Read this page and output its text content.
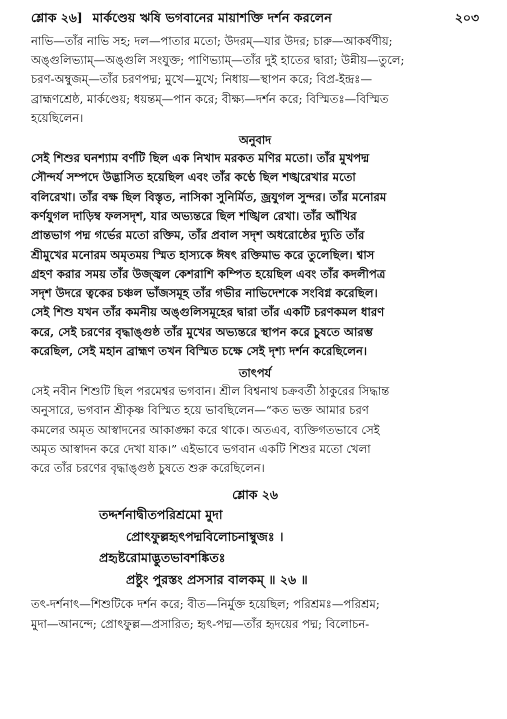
শ্লোক ২৬] মার্কণ্ডেয় ঋষি ভগবানের মায়াশক্তি দর্শন করলেন	২০৩

নাভি—তাঁর নাভি সহ; দল—পাতার মতো; উদরম্—যার উদর; চারু—আকর্ষণীয়;

অঙ্গুলিভ্যাম্—অঙ্গুলি সংযুক্ত; পাণিভ্যাম্—তাঁর দুই হাতের দ্বারা; উন্নীয়—তুলে;

চরণ-অম্বুজম্—তাঁর চরণপদ্ম; মুখে—মুখে; নিধায়—স্থাপন করে; বিপ্র-ইন্দ্রঃ—

ব্রাহ্মণশ্রেষ্ঠ, মার্কণ্ডেয়; ধয়ন্তম্—পান করে; বীক্ষ্য—দর্শন করে; বিস্মিতঃ—বিস্মিত

হয়েছিলেন।

অনুবাদ

সেই শিশুর ঘনশ্যাম বর্ণটি ছিল এক নিখাদ মরকত মণির মতো। তাঁর মুখপদ্ম

সৌন্দর্য সম্পদে উদ্ভাসিত হয়েছিল এবং তাঁর কণ্ঠে ছিল শঙ্খরেখার মতো

বলিরেখা। তাঁর বক্ষ ছিল বিস্তৃত, নাসিকা সুনির্মিত, জ্রযুগল সুন্দর। তাঁর মনোরম

কর্ণযুগল দাড়িম্ব ফলসদৃশ, যার অভ্যন্তরে ছিল শঙ্খিল রেখা। তাঁর আঁখির

প্রান্তভাগ পদ্ম গর্ভের মতো রক্তিম, তাঁর প্রবাল সদৃশ অধরোষ্ঠের দ্যুতি তাঁর

শ্রীমুখের মনোরম অমৃতময় স্মিত হাস্যকে ঈষৎ রক্তিমাভ করে তুলেছিল। শ্বাস

গ্রহণ করার সময় তাঁর উজ্জ্বল কেশরাশি কম্পিত হয়েছিল এবং তাঁর কদলীপত্র

সদৃশ উদরে ত্বকের চঞ্চল ভাঁজসমূহ তাঁর গভীর নাভিদেশকে সংবিগ্ন করেছিল।

সেই শিশু যখন তাঁর কমনীয় অঙ্গুলিসমূহের দ্বারা তাঁর একটি চরণকমল ধারণ

করে, সেই চরণের বৃদ্ধাঙ্গুষ্ঠ তাঁর মুখের অভ্যন্তরে স্থাপন করে চুষতে আরম্ভ

করেছিল, সেই মহান ব্রাহ্মণ তখন বিস্মিত চক্ষে সেই দৃশ্য দর্শন করেছিলেন।

তাৎপর্য

সেই নবীন শিশুটি ছিল পরমেশ্বর ভগবান। শ্রীল বিশ্বনাথ চক্রবর্তী ঠাকুরের সিদ্ধান্ত

অনুসারে, ভগবান শ্রীকৃষ্ণ বিস্মিত হয়ে ভাবছিলেন—“কত ভক্ত আমার চরণ

কমলের অমৃত আস্বাদনের আকাঙ্ক্ষা করে থাকে। অতএব, ব্যক্তিগতভাবে সেই

অমৃত আস্বাদন করে দেখা যাক।” এইভাবে ভগবান একটি শিশুর মতো খেলা

করে তাঁর চরণের বৃদ্ধাঙ্গুষ্ঠ চুষতে শুরু করেছিলেন।

শ্লোক ২৬

তদ্দর্শনাদ্বীতপরিশ্রমো মুদা

প্রোৎফুল্লহৃৎপদ্মবিলোচনাম্বুজঃ ।

প্রহৃষ্টরোমাদ্ভুতভাবশঙ্কিতঃ

প্রষ্টুং পুরস্তং প্রসসার বালকম্ ॥ ২৬ ॥

তৎ-দর্শনাৎ—শিশুটিকে দর্শন করে; বীত—নির্মুক্ত হয়েছিল; পরিশ্রমঃ—পরিশ্রম;

মুদা—আনন্দে; প্রোৎফুল্ল—প্রসারিত; হৃৎ-পদ্ম—তাঁর হৃদয়ের পদ্ম; বিলোচন-
